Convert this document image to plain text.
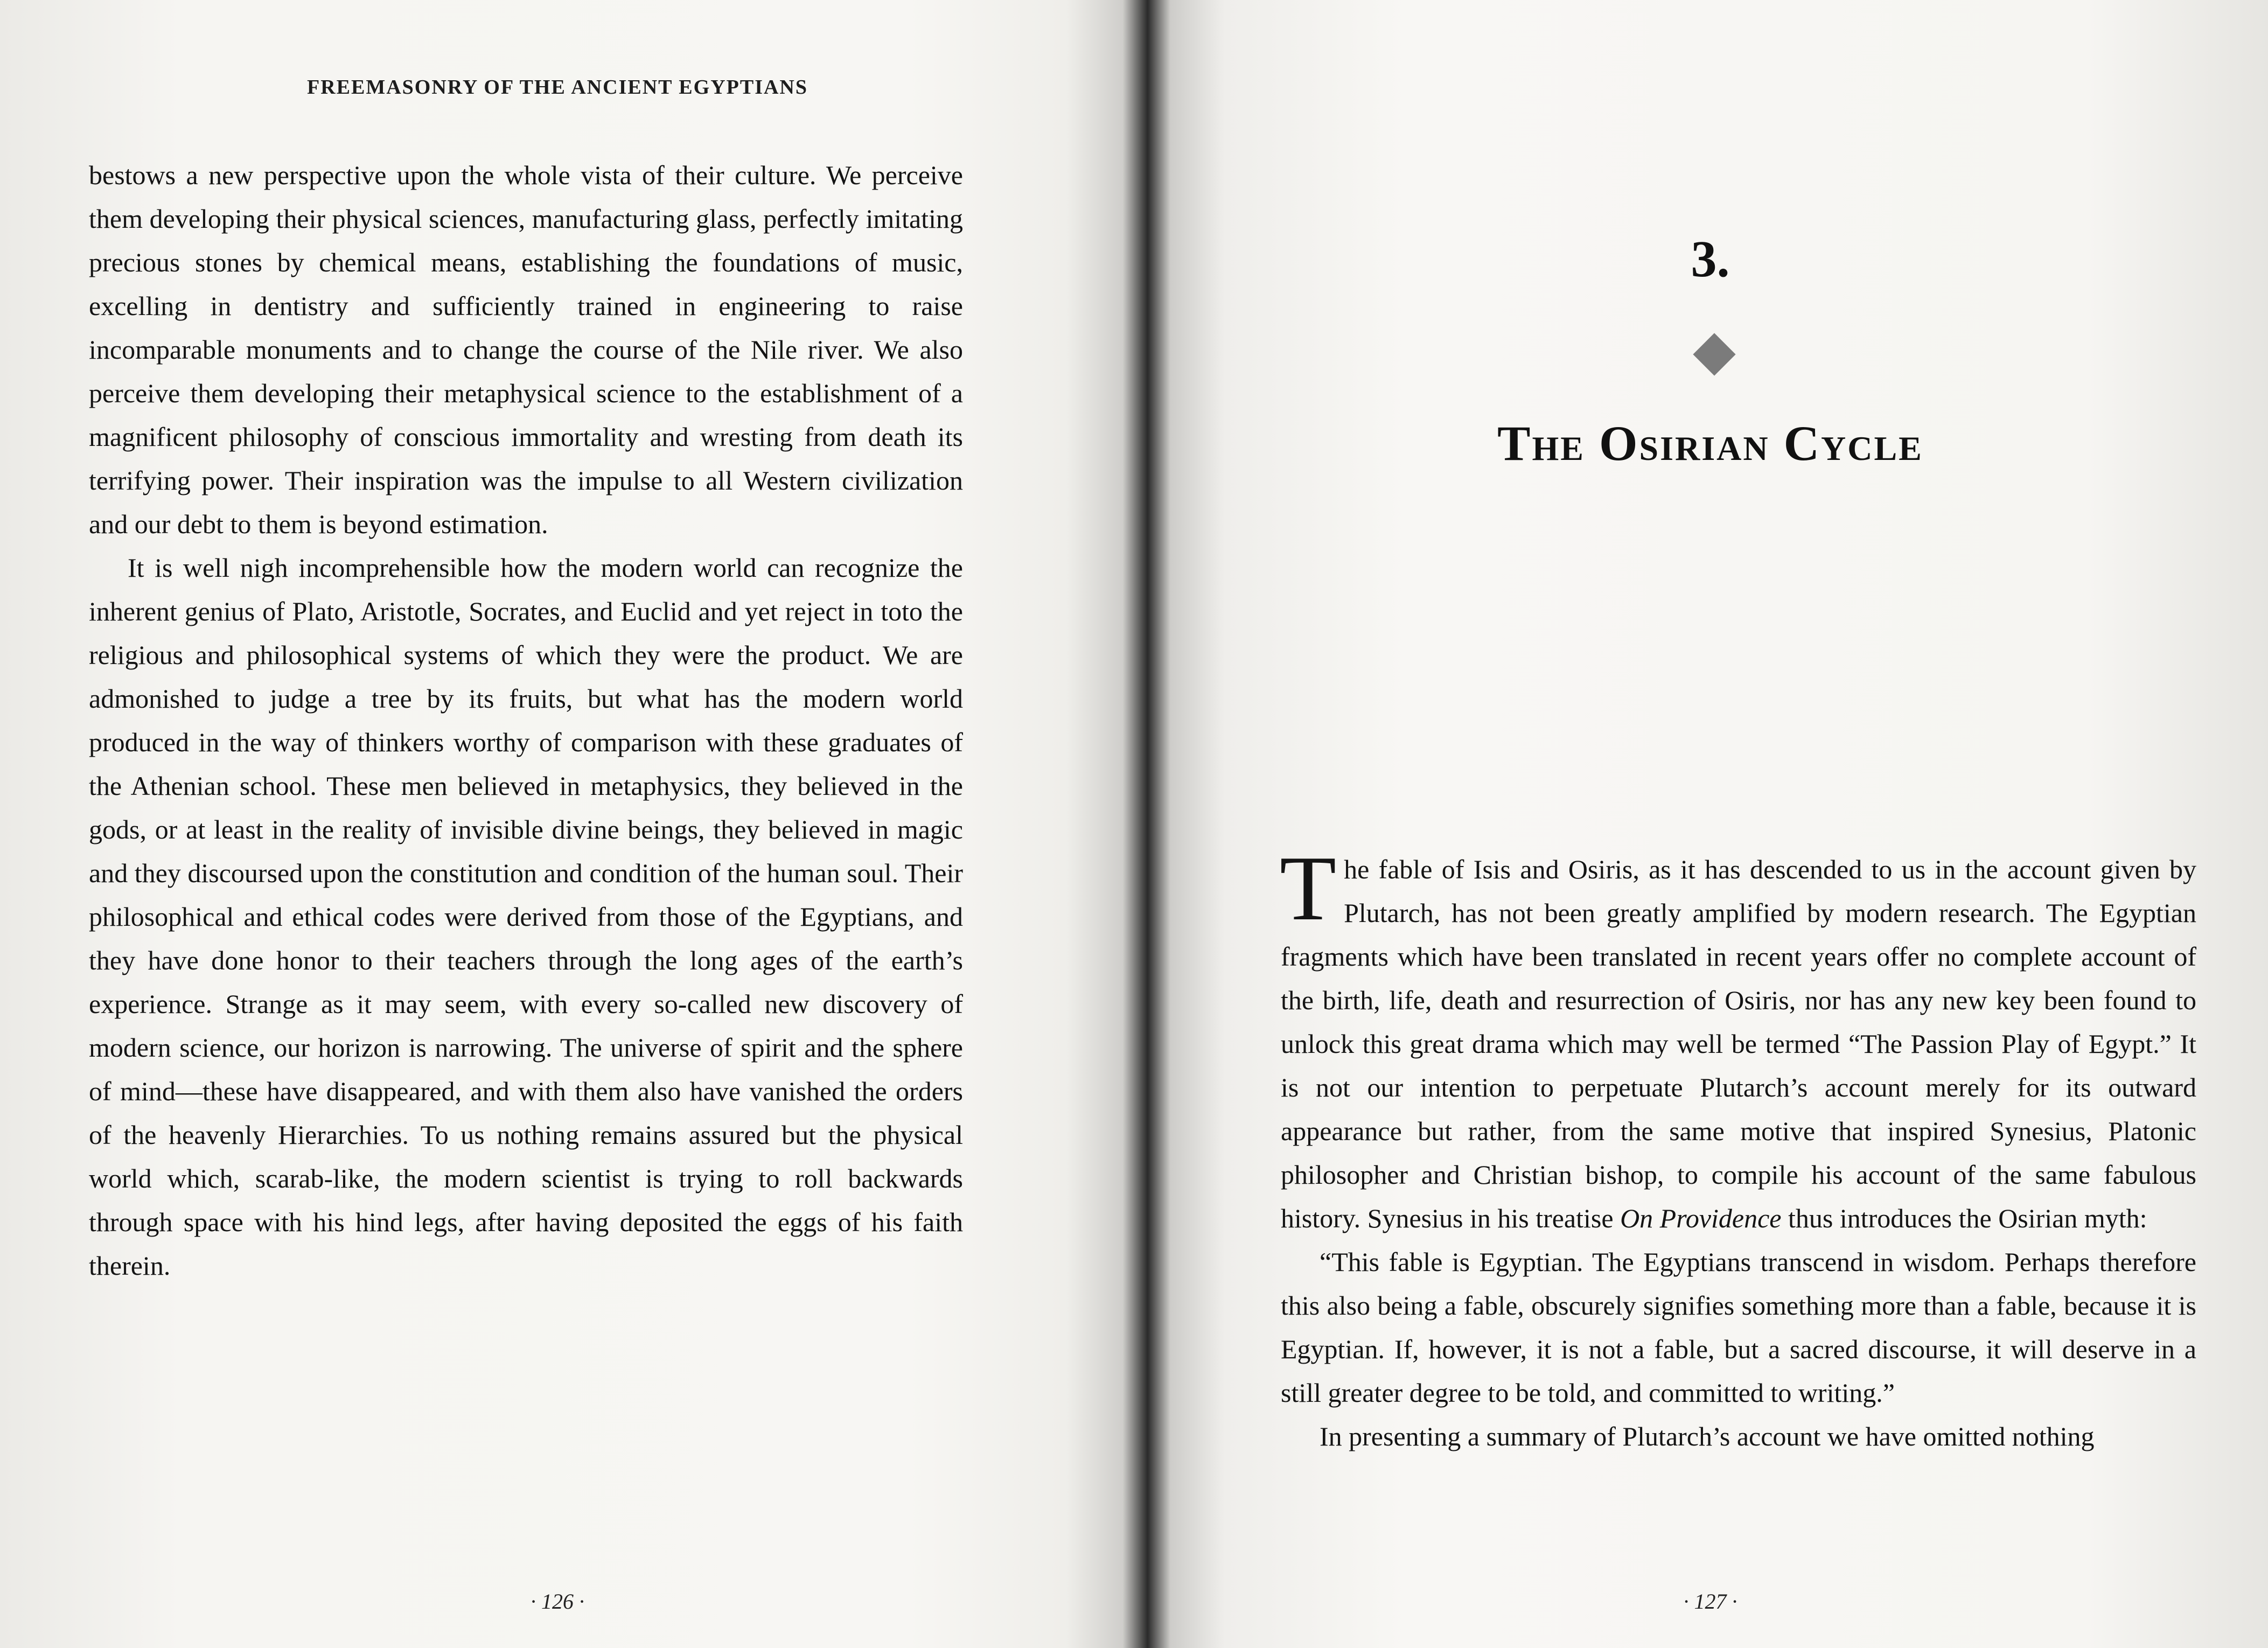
FREEMASONRY OF THE ANCIENT EGYPTIANS

bestows a new perspective upon the whole vista of their culture. We perceive them developing their physical sciences, manufacturing glass, perfectly imitating precious stones by chemical means, establishing the foundations of music, excelling in dentistry and sufficiently trained in engineering to raise incomparable monuments and to change the course of the Nile river. We also perceive them developing their metaphysical science to the establishment of a magnificent philosophy of conscious immortality and wresting from death its terrifying power. Their inspiration was the impulse to all Western civilization and our debt to them is beyond estimation.

It is well nigh incomprehensible how the modern world can recognize the inherent genius of Plato, Aristotle, Socrates, and Euclid and yet reject in toto the religious and philosophical systems of which they were the product. We are admonished to judge a tree by its fruits, but what has the modern world produced in the way of thinkers worthy of comparison with these graduates of the Athenian school. These men believed in metaphysics, they believed in the gods, or at least in the reality of invisible divine beings, they believed in magic and they discoursed upon the constitution and condition of the human soul. Their philosophical and ethical codes were derived from those of the Egyptians, and they have done honor to their teachers through the long ages of the earth’s experience. Strange as it may seem, with every so-called new discovery of modern science, our horizon is narrowing. The universe of spirit and the sphere of mind—these have disappeared, and with them also have vanished the orders of the heavenly Hierarchies. To us nothing remains assured but the physical world which, scarab-like, the modern scientist is trying to roll backwards through space with his hind legs, after having deposited the eggs of his faith therein.

· 126 ·
3.
The Osirian Cycle

The fable of Isis and Osiris, as it has descended to us in the account given by Plutarch, has not been greatly amplified by modern research. The Egyptian fragments which have been translated in recent years offer no complete account of the birth, life, death and resurrection of Osiris, nor has any new key been found to unlock this great drama which may well be termed “The Passion Play of Egypt.” It is not our intention to perpetuate Plutarch’s account merely for its outward appearance but rather, from the same motive that inspired Synesius, Platonic philosopher and Christian bishop, to compile his account of the same fabulous history. Synesius in his treatise On Providence thus introduces the Osirian myth:

“This fable is Egyptian. The Egyptians transcend in wisdom. Perhaps therefore this also being a fable, obscurely signifies something more than a fable, because it is Egyptian. If, however, it is not a fable, but a sacred discourse, it will deserve in a still greater degree to be told, and committed to writing.”

In presenting a summary of Plutarch’s account we have omitted nothing

· 127 ·
